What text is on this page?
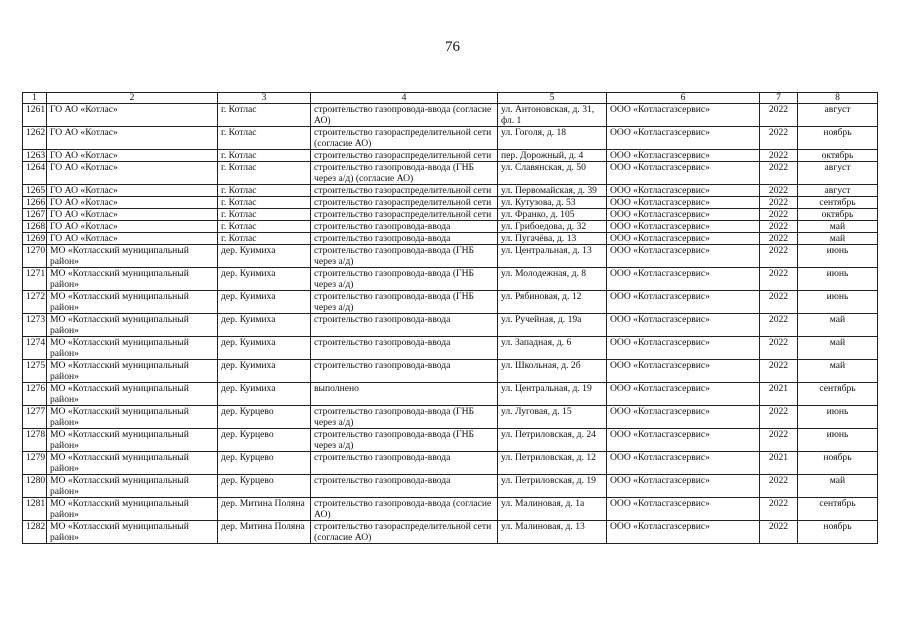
76
1	2	3	4	5	6	7	8
1261	ГО АО «Котлас»	г. Котлас	строительство газопровода-ввода (согласие АО)	ул. Антоновская, д. 31, фл. 1	ООО «Котласгазсервис»	2022	август
1262	ГО АО «Котлас»	г. Котлас	строительство газораспределительной сети (согласие АО)	ул. Гоголя, д. 18	ООО «Котласгазсервис»	2022	ноябрь
1263	ГО АО «Котлас»	г. Котлас	строительство газораспределительной сети	пер. Дорожный, д. 4	ООО «Котласгазсервис»	2022	октябрь
1264	ГО АО «Котлас»	г. Котлас	строительство газопровода-ввода (ГНБ через а/д) (согласие АО)	ул. Славянская, д. 50	ООО «Котласгазсервис»	2022	август
1265	ГО АО «Котлас»	г. Котлас	строительство газораспределительной сети	ул. Первомайская, д. 39	ООО «Котласгазсервис»	2022	август
1266	ГО АО «Котлас»	г. Котлас	строительство газораспределительной сети	ул. Кутузова, д. 53	ООО «Котласгазсервис»	2022	сентябрь
1267	ГО АО «Котлас»	г. Котлас	строительство газораспределительной сети	ул. Франко, д. 105	ООО «Котласгазсервис»	2022	октябрь
1268	ГО АО «Котлас»	г. Котлас	строительство газопровода-ввода	ул. Грибоедова, д. 32	ООО «Котласгазсервис»	2022	май
1269	ГО АО «Котлас»	г. Котлас	строительство газопровода-ввода	ул. Пугачёва, д. 13	ООО «Котласгазсервис»	2022	май
1270	МО «Котласский муниципальный район»	дер. Куимиха	строительство газопровода-ввода (ГНБ через а/д)	ул. Центральная, д. 13	ООО «Котласгазсервис»	2022	июнь
1271	МО «Котласский муниципальный район»	дер. Куимиха	строительство газопровода-ввода (ГНБ через а/д)	ул. Молодежная, д. 8	ООО «Котласгазсервис»	2022	июнь
1272	МО «Котласский муниципальный район»	дер. Куимиха	строительство газопровода-ввода (ГНБ через а/д)	ул. Рябиновая, д. 12	ООО «Котласгазсервис»	2022	июнь
1273	МО «Котласский муниципальный район»	дер. Куимиха	строительство газопровода-ввода	ул. Ручейная, д. 19а	ООО «Котласгазсервис»	2022	май
1274	МО «Котласский муниципальный район»	дер. Куимиха	строительство газопровода-ввода	ул. Западная, д. 6	ООО «Котласгазсервис»	2022	май
1275	МО «Котласский муниципальный район»	дер. Куимиха	строительство газопровода-ввода	ул. Школьная, д. 2б	ООО «Котласгазсервис»	2022	май
1276	МО «Котласский муниципальный район»	дер. Куимиха	выполнено	ул. Центральная, д. 19	ООО «Котласгазсервис»	2021	сентябрь
1277	МО «Котласский муниципальный район»	дер. Курцево	строительство газопровода-ввода (ГНБ через а/д)	ул. Луговая, д. 15	ООО «Котласгазсервис»	2022	июнь
1278	МО «Котласский муниципальный район»	дер. Курцево	строительство газопровода-ввода (ГНБ через а/д)	ул. Петриловская, д. 24	ООО «Котласгазсервис»	2022	июнь
1279	МО «Котласский муниципальный район»	дер. Курцево	строительство газопровода-ввода	ул. Петриловская, д. 12	ООО «Котласгазсервис»	2021	ноябрь
1280	МО «Котласский муниципальный район»	дер. Курцево	строительство газопровода-ввода	ул. Петриловская, д. 19	ООО «Котласгазсервис»	2022	май
1281	МО «Котласский муниципальный район»	дер. Митина Поляна	строительство газопровода-ввода (согласие АО)	ул. Малиновая, д. 1а	ООО «Котласгазсервис»	2022	сентябрь
1282	МО «Котласский муниципальный район»	дер. Митина Поляна	строительство газораспределительной сети (согласие АО)	ул. Малиновая, д. 13	ООО «Котласгазсервис»	2022	ноябрь
